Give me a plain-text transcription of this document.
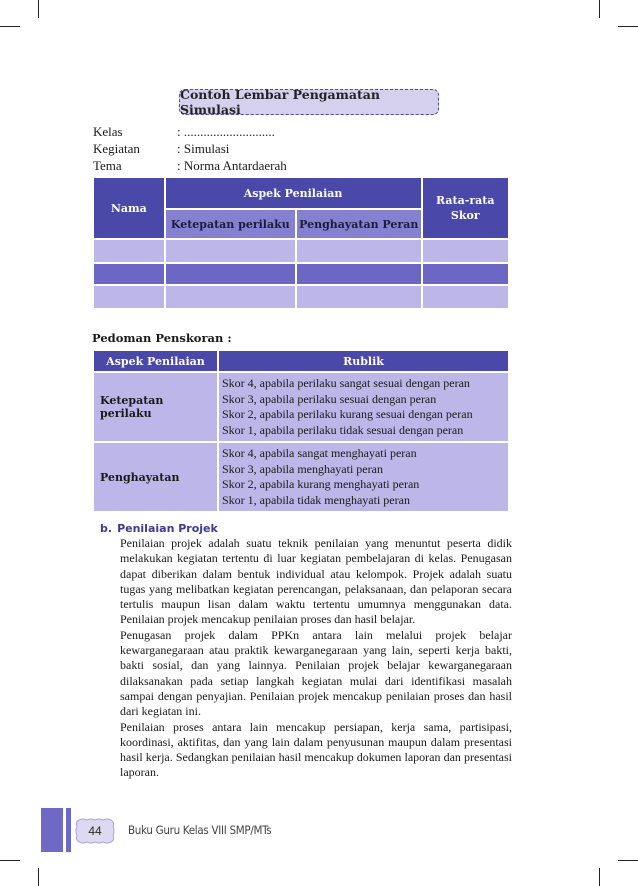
Contoh Lembar Pengamatan Simulasi
Kelas	: ............................
Kegiatan	: Simulasi
Tema	: Norma Antardaerah
Nama	Aspek Penilaian		Rata-rata
Skor
	Ketepatan perilaku	Penghayatan Peran	

Pedoman Penskoran :
Aspek Penilaian	Rublik
Ketepatan perilaku	Skor 4, apabila perilaku sangat sesuai dengan peran
Skor 3, apabila perilaku sesuai dengan peran
Skor 2, apabila perilaku kurang sesuai dengan peran
Skor 1, apabila perilaku tidak sesuai dengan peran

Penghayatan	Skor 4, apabila sangat menghayati peran
Skor 3, apabila menghayati peran
Skor 2, apabila kurang menghayati peran
Skor 1, apabila tidak menghayati peran
b. Penilaian Projek

Penilaian projek adalah suatu teknik penilaian yang menuntut peserta didik melakukan kegiatan tertentu di luar kegiatan pembelajaran di kelas. Penugasan dapat diberikan dalam bentuk individual atau kelompok. Projek adalah suatu tugas yang melibatkan kegiatan perencangan, pelaksanaan, dan pelaporan secara tertulis maupun lisan dalam waktu tertentu umumnya menggunakan data. Penilaian projek mencakup penilaian proses dan hasil belajar.

Penugasan projek dalam PPKn antara lain melalui projek belajar kewarganegaraan atau praktik kewarganegaraan yang lain, seperti kerja bakti, bakti sosial, dan yang lainnya. Penilaian projek belajar kewarganegaraan dilaksanakan pada setiap langkah kegiatan mulai dari identifikasi masalah sampai dengan penyajian. Penilaian projek mencakup penilaian proses dan hasil dari kegiatan ini.

Penilaian proses antara lain mencakup persiapan, kerja sama, partisipasi, koordinasi, aktifitas, dan yang lain dalam penyusunan maupun dalam presentasi hasil kerja. Sedangkan penilaian hasil mencakup dokumen laporan dan presentasi laporan.

44	Buku Guru Kelas VIII SMP/MTs
